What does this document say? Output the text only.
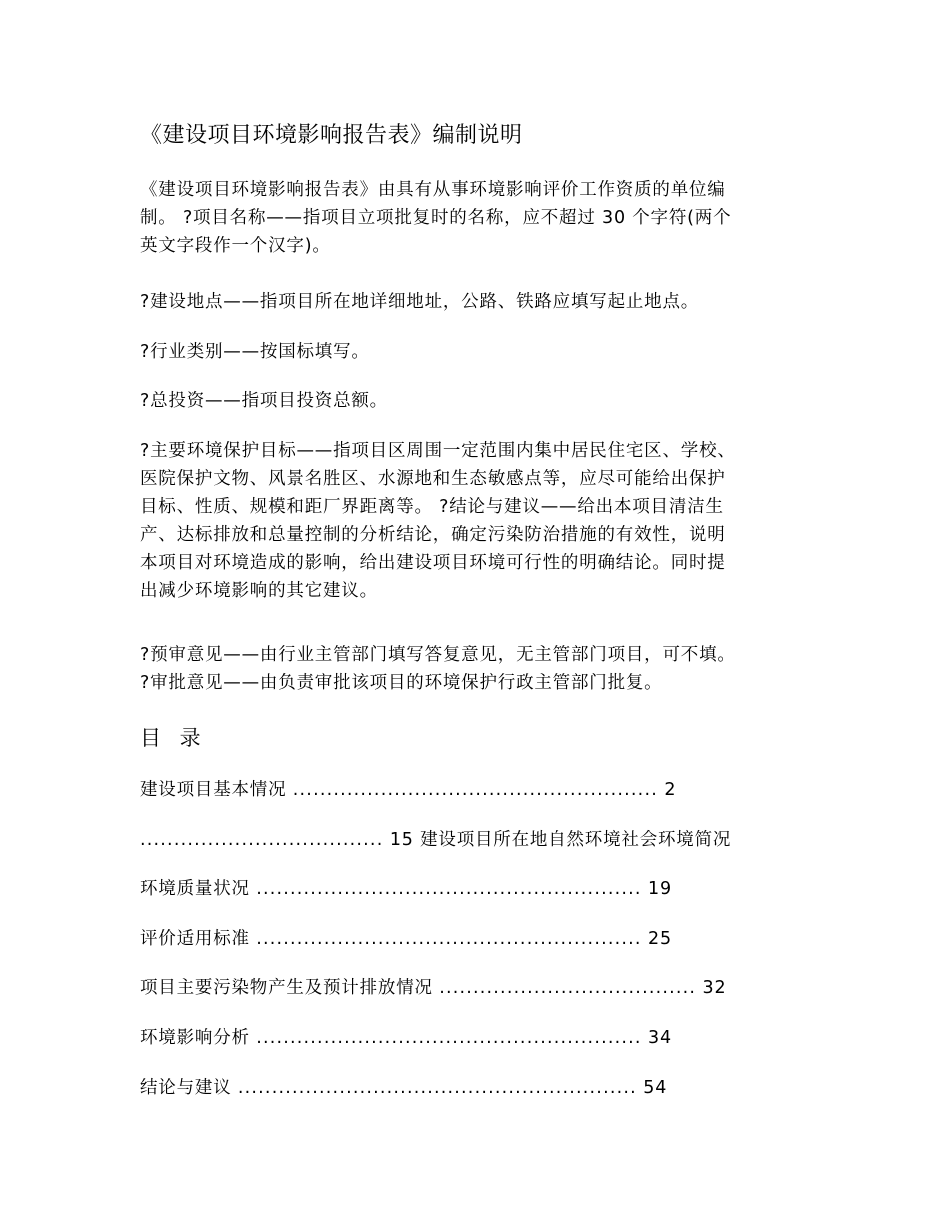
《建设项目环境影响报告表》编制说明
《建设项目环境影响报告表》由具有从事环境影响评价工作资质的单位编
制。 ?项目名称——指项目立项批复时的名称，应不超过 30 个字符(两个
英文字段作一个汉字)。
?建设地点——指项目所在地详细地址，公路、铁路应填写起止地点。
?行业类别——按国标填写。
?总投资——指项目投资总额。
?主要环境保护目标——指项目区周围一定范围内集中居民住宅区、学校、
医院保护文物、风景名胜区、水源地和生态敏感点等，应尽可能给出保护
目标、性质、规模和距厂界距离等。 ?结论与建议——给出本项目清洁生
产、达标排放和总量控制的分析结论，确定污染防治措施的有效性，说明
本项目对环境造成的影响，给出建设项目环境可行性的明确结论。同时提
出减少环境影响的其它建议。
?预审意见——由行业主管部门填写答复意见，无主管部门项目，可不填。
?审批意见——由负责审批该项目的环境保护行政主管部门批复。
目 录
建设项目基本情况 ...................................................... 2
.................................... 15 建设项目所在地自然环境社会环境简况
环境质量状况 ......................................................... 19
评价适用标准 ......................................................... 25
项目主要污染物产生及预计排放情况 ...................................... 32
环境影响分析 ......................................................... 34
结论与建议 ........................................................... 54
